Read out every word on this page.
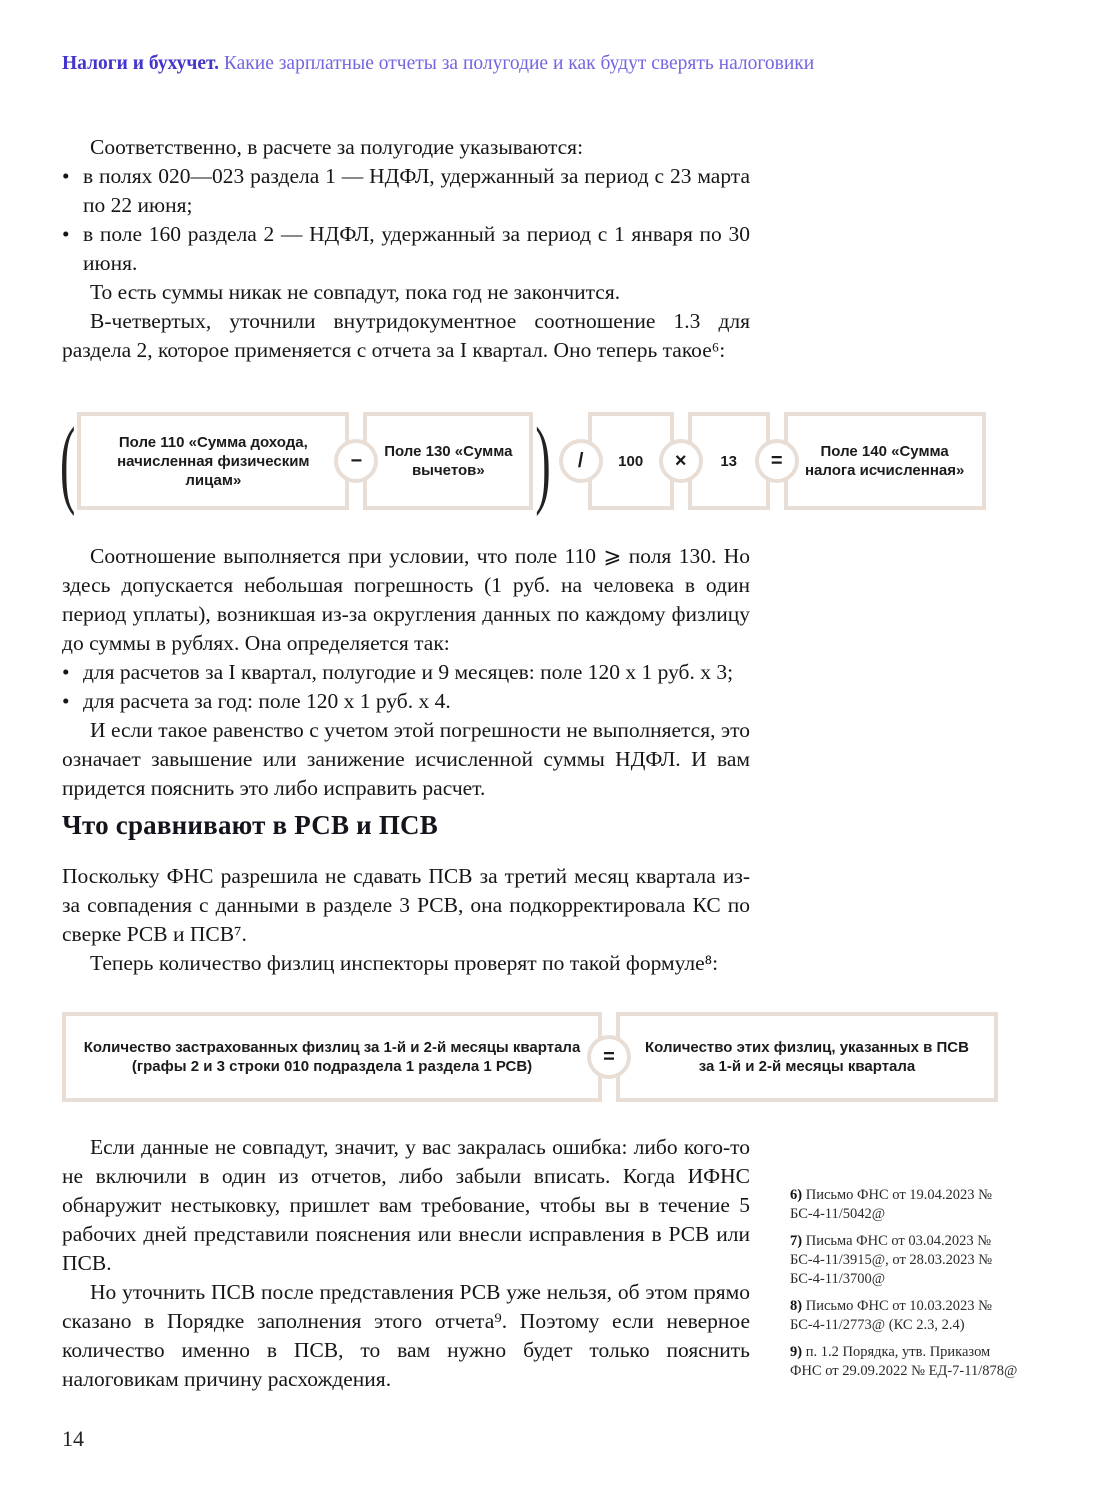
Налоги и бухучет. Какие зарплатные отчеты за полугодие и как будут сверять налоговики

Соответственно, в расчете за полугодие указываются:

• в полях 020—023 раздела 1 — НДФЛ, удержанный за период с 23 марта по 22 июня;

• в поле 160 раздела 2 — НДФЛ, удержанный за период с 1 января по 30 июня.

То есть суммы никак не совпадут, пока год не закончится.

В-четвертых, уточнили внутридокументное соотношение 1.3 для раздела 2, которое применяется с отчета за I квартал. Оно теперь такое⁶:

(	Поле 110 «Сумма дохода,
начисленная физическим лицам»
−	Поле 130 «Сумма
вычетов» )	/	100	×	13	=	Поле 140 «Сумма
налога исчисленная»

Соотношение выполняется при условии, что поле 110 ⩾ поля 130. Но здесь допускается небольшая погрешность (1 руб. на человека в один период уплаты), возникшая из-за округления данных по каждому физлицу до суммы в рублях. Она определяется так:

• для расчетов за I квартал, полугодие и 9 месяцев: поле 120 х 1 руб. х 3;

• для расчета за год: поле 120 х 1 руб. х 4.

И если такое равенство с учетом этой погрешности не выполняется, это означает завышение или занижение исчисленной суммы НДФЛ. И вам придется пояснить это либо исправить расчет.

Что сравнивают в РСВ и ПСВ

Поскольку ФНС разрешила не сдавать ПСВ за третий месяц квартала из-за совпадения с данными в разделе 3 РСВ, она подкорректировала КС по сверке РСВ и ПСВ⁷.

Теперь количество физлиц инспекторы проверят по такой формуле⁸:

Количество застрахованных физлиц за 1-й и 2-й месяцы квартала
(графы 2 и 3 строки 010 подраздела 1 раздела 1 РСВ)	=	Количество этих физлиц, указанных в ПСВ
за 1-й и 2-й месяцы квартала

Если данные не совпадут, значит, у вас закралась ошибка: либо кого-то не включили в один из отчетов, либо забыли вписать. Когда ИФНС обнаружит нестыковку, пришлет вам требование, чтобы вы в течение 5 рабочих дней представили пояснения или внесли исправления в РСВ или ПСВ.

Но уточнить ПСВ после представления РСВ уже нельзя, об этом прямо сказано в Порядке заполнения этого отчета⁹. Поэтому если неверное количество именно в ПСВ, то вам нужно будет только пояснить налоговикам причину расхождения.

6) Письмо ФНС от 19.04.2023 № БС-4-11/5042@
7) Письма ФНС от 03.04.2023 № БС-4-11/3915@, от 28.03.2023 № БС-4-11/3700@
8) Письмо ФНС от 10.03.2023 № БС-4-11/2773@ (КС 2.3, 2.4)
9) п. 1.2 Порядка, утв. Приказом ФНС от 29.09.2022 № ЕД-7-11/878@
14
